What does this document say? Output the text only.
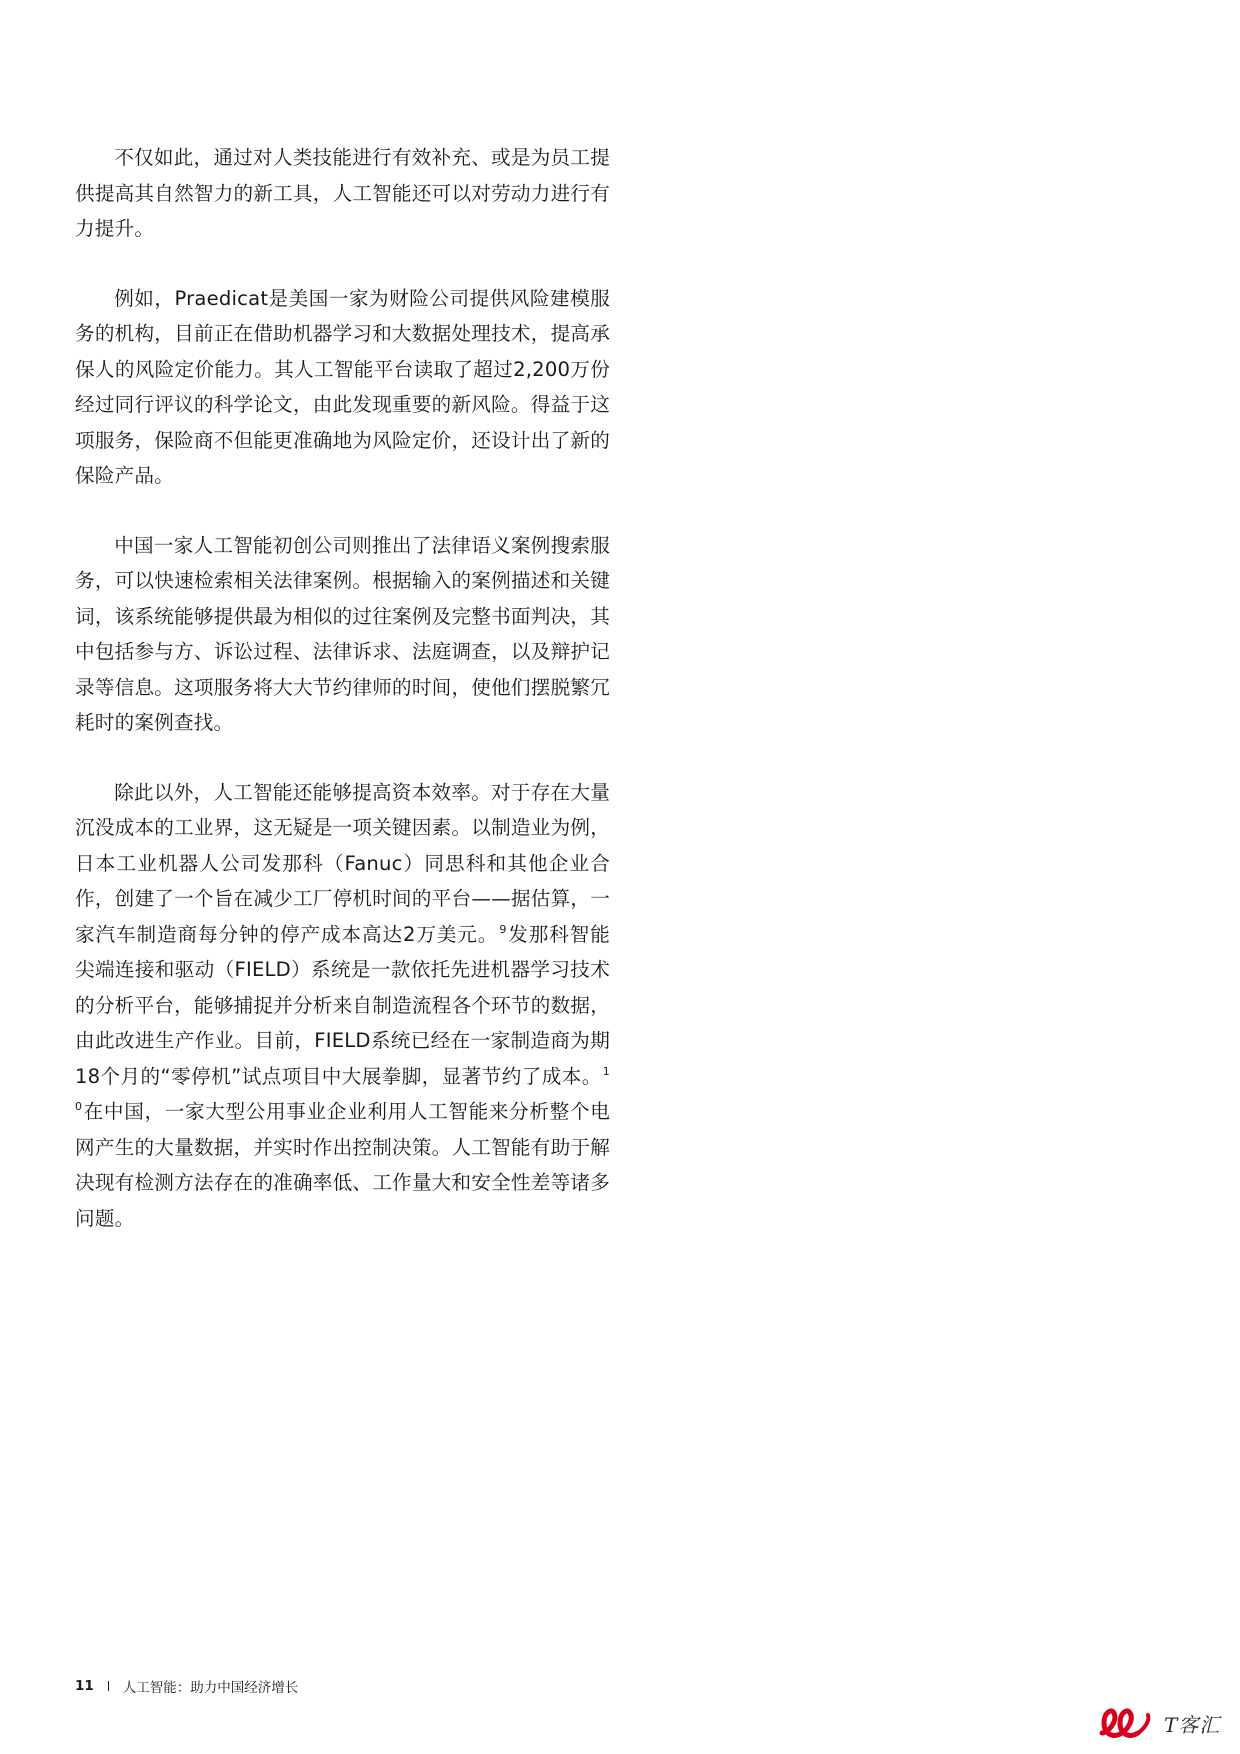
不仅如此，通过对人类技能进行有效补充、或是为员工提供提高其自然智力的新工具，人工智能还可以对劳动力进行有力提升。

例如，Praedicat是美国一家为财险公司提供风险建模服务的机构，目前正在借助机器学习和大数据处理技术，提高承保人的风险定价能力。其人工智能平台读取了超过2,200万份经过同行评议的科学论文，由此发现重要的新风险。得益于这项服务，保险商不但能更准确地为风险定价，还设计出了新的保险产品。

中国一家人工智能初创公司则推出了法律语义案例搜索服务，可以快速检索相关法律案例。根据输入的案例描述和关键词，该系统能够提供最为相似的过往案例及完整书面判决，其中包括参与方、诉讼过程、法律诉求、法庭调查，以及辩护记录等信息。这项服务将大大节约律师的时间，使他们摆脱繁冗耗时的案例查找。

除此以外，人工智能还能够提高资本效率。对于存在大量沉没成本的工业界，这无疑是一项关键因素。以制造业为例，日本工业机器人公司发那科（Fanuc）同思科和其他企业合作，创建了一个旨在减少工厂停机时间的平台——据估算，一家汽车制造商每分钟的停产成本高达2万美元。$^9$发那科智能尖端连接和驱动（FIELD）系统是一款依托先进机器学习技术的分析平台，能够捕捉并分析来自制造流程各个环节的数据，由此改进生产作业。目前，FIELD系统已经在一家制造商为期18个月的“零停机”试点项目中大展拳脚，显著节约了成本。$^{10}$在中国，一家大型公用事业企业利用人工智能来分析整个电网产生的大量数据，并实时作出控制决策。人工智能有助于解决现有检测方法存在的准确率低、工作量大和安全性差等诸多问题。

11 人工智能：助力中国经济增长
T客汇
